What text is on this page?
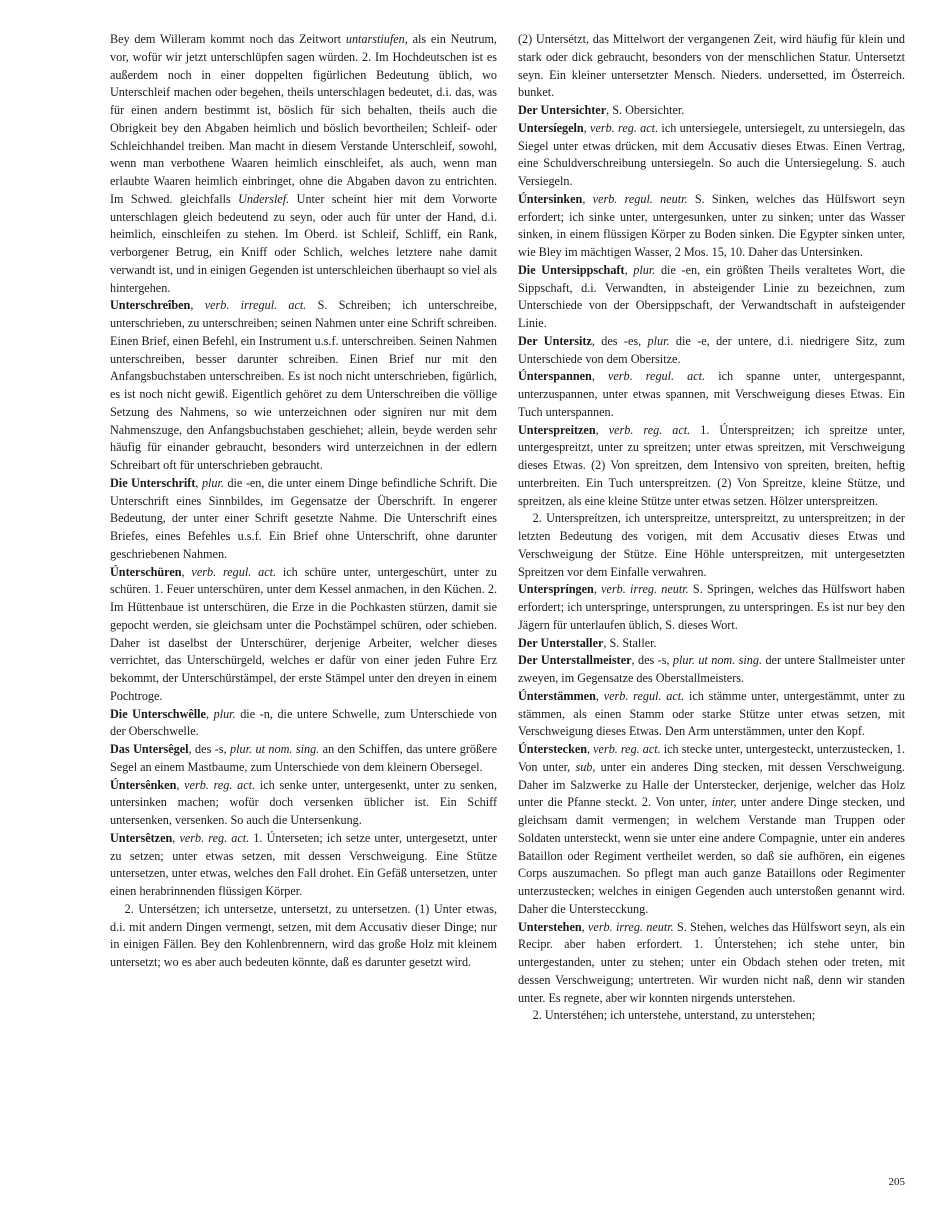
Bey dem Willeram kommt noch das Zeitwort untarstiufen, als ein Neutrum, vor, wofür wir jetzt unterschlüpfen sagen würden. 2. Im Hochdeutschen ist es außerdem noch in einer doppelten figürlichen Bedeutung üblich, wo Unterschleif machen oder begehen, theils unterschlagen bedeutet, d.i. das, was für einen andern bestimmt ist, böslich für sich behalten, theils auch die Obrigkeit bey den Abgaben heimlich und böslich bevortheilen; Schleif- oder Schleichhandel treiben. Man macht in diesem Verstande Unterschleif, sowohl, wenn man verbothene Waaren heimlich einschleifet, als auch, wenn man erlaubte Waaren heimlich einbringet, ohne die Abgaben davon zu entrichten. Im Schwed. gleichfalls Underslef. Unter scheint hier mit dem Vorworte unterschlagen gleich bedeutend zu seyn, oder auch für unter der Hand, d.i. heimlich, einschleifen zu stehen. Im Oberd. ist Schleif, Schliff, ein Rank, verborgener Betrug, ein Kniff oder Schlich, welches letztere nahe damit verwandt ist, und in einigen Gegenden ist unterschleichen überhaupt so viel als hintergehen.

Unterschreîben, verb. irregul. act. S. Schreiben; ich unterschreibe, unterschrieben, zu unterschreiben; seinen Nahmen unter eine Schrift schreiben. Einen Brief, einen Befehl, ein Instrument u.s.f. unterschreiben. Seinen Nahmen unterschreiben, besser darunter schreiben. Einen Brief nur mit den Anfangsbuchstaben unterschreiben. Es ist noch nicht unterschrieben, figürlich, es ist noch nicht gewiß. Eigentlich gehöret zu dem Unterschreiben die völlige Setzung des Nahmens, so wie unterzeichnen oder signiren nur mit dem Nahmenszuge, den Anfangsbuchstaben geschiehet; allein, beyde werden sehr häufig für einander gebraucht, besonders wird unterzeichnen in der edlern Schreibart oft für unterschrieben gebraucht.

Die Unterschrift, plur. die -en, die unter einem Dinge befindliche Schrift. Die Unterschrift eines Sinnbildes, im Gegensatze der Überschrift. In engerer Bedeutung, der unter einer Schrift gesetzte Nahme. Die Unterschrift eines Briefes, eines Befehles u.s.f. Ein Brief ohne Unterschrift, ohne darunter geschriebenen Nahmen.

Únterschüren, verb. regul. act. ich schüre unter, untergeschürt, unter zu schüren. 1. Feuer unterschüren, unter dem Kessel anmachen, in den Küchen. 2. Im Hüttenbaue ist unterschüren, die Erze in die Pochkasten stürzen, damit sie gepocht werden, sie gleichsam unter die Pochstämpel schüren, oder schieben. Daher ist daselbst der Unterschürer, derjenige Arbeiter, welcher dieses verrichtet, das Unterschürgeld, welches er dafür von einer jeden Fuhre Erz bekommt, der Unterschürstämpel, der erste Stämpel unter den dreyen in einem Pochtroge.

Die Unterschwêlle, plur. die -n, die untere Schwelle, zum Unterschiede von der Oberschwelle.

Das Untersêgel, des -s, plur. ut nom. sing. an den Schiffen, das untere größere Segel an einem Mastbaume, zum Unterschiede von dem kleinern Obersegel.

Úntersênken, verb. reg. act. ich senke unter, untergesenkt, unter zu senken, untersinken machen; wofür doch versenken üblicher ist. Ein Schiff untersenken, versenken. So auch die Untersenkung.

Untersêtzen, verb. reg. act. 1. Únterseten; ich setze unter, untergesetzt, unter zu setzen; unter etwas setzen, mit dessen Verschweigung. Eine Stütze untersetzen, unter etwas, welches den Fall drohet. Ein Gefäß untersetzen, unter einen herabrinnenden flüssigen Körper.

2. Untersétzen; ich untersetze, untersetzt, zu untersetzen. (1) Unter etwas, d.i. mit andern Dingen vermengt, setzen, mit dem Accusativ dieser Dinge; nur in einigen Fällen. Bey den Kohlenbrennern, wird das große Holz mit kleinem untersetzt; wo es aber auch bedeuten könnte, daß es darunter gesetzt wird.

(2) Untersétzt, das Mittelwort der vergangenen Zeit, wird häufig für klein und stark oder dick gebraucht, besonders von der menschlichen Statur. Untersetzt seyn. Ein kleiner untersetzter Mensch. Nieders. undersetted, im Österreich. bunket.

Der Untersichter, S. Obersichter.

Untersíegeln, verb. reg. act. ich untersiegele, untersiegelt, zu untersiegeln, das Siegel unter etwas drücken, mit dem Accusativ dieses Etwas. Einen Vertrag, eine Schuldverschreibung untersiegeln. So auch die Untersiegelung. S. auch Versiegeln.

Úntersinken, verb. regul. neutr. S. Sinken, welches das Hülfswort seyn erfordert; ich sinke unter, untergesunken, unter zu sinken; unter das Wasser sinken, in einem flüssigen Körper zu Boden sinken. Die Egypter sinken unter, wie Bley im mächtigen Wasser, 2 Mos. 15, 10. Daher das Untersinken.

Die Untersippschaft, plur. die -en, ein größten Theils veraltetes Wort, die Sippschaft, d.i. Verwandten, in absteigender Linie zu bezeichnen, zum Unterschiede von der Obersippschaft, der Verwandtschaft in aufsteigender Linie.

Der Untersitz, des -es, plur. die -e, der untere, d.i. niedrigere Sitz, zum Unterschiede von dem Obersitze.

Únterspannen, verb. regul. act. ich spanne unter, untergespannt, unterzuspannen, unter etwas spannen, mit Verschweigung dieses Etwas. Ein Tuch unterspannen.

Unterspreitzen, verb. reg. act. 1. Únterspreitzen; ich spreitze unter, untergespreitzt, unter zu spreitzen; unter etwas spreitzen, mit Verschweigung dieses Etwas. (2) Von spreitzen, dem Intensivo von spreiten, breiten, heftig unterbreiten. Ein Tuch unterspreitzen. (2) Von Spreitze, kleine Stütze, und spreitzen, als eine kleine Stütze unter etwas setzen. Hölzer unterspreitzen.

2. Untersprеítzen, ich unterspreitze, unterspreitzt, zu unterspreitzen; in der letzten Bedeutung des vorigen, mit dem Accusativ dieses Etwas und Verschweigung der Stütze. Eine Höhle unterspreitzen, mit untergesetzten Spreitzen vor dem Einfalle verwahren.

Unterspríngen, verb. irreg. neutr. S. Springen, welches das Hülfswort haben erfordert; ich unterspringe, untersprungen, zu unterspringen. Es ist nur bey den Jägern für unterlaufen üblich, S. dieses Wort.

Der Unterstaller, S. Staller.

Der Unterstallmeister, des -s, plur. ut nom. sing. der untere Stallmeister unter zweyen, im Gegensatze des Oberstallmeisters.

Únterstämmen, verb. regul. act. ich stämme unter, untergestämmt, unter zu stämmen, als einen Stamm oder starke Stütze unter etwas setzen, mit Verschweigung dieses Etwas. Den Arm unterstämmen, unter den Kopf.

Únterstecken, verb. reg. act. ich stecke unter, untergesteckt, unterzustecken, 1. Von unter, sub, unter ein anderes Ding stecken, mit dessen Verschweigung. Daher im Salzwerke zu Halle der Unterstecker, derjenige, welcher das Holz unter die Pfanne steckt. 2. Von unter, inter, unter andere Dinge stecken, und gleichsam damit vermengen; in welchem Verstande man Truppen oder Soldaten untersteckt, wenn sie unter eine andere Compagnie, unter ein anderes Bataillon oder Regiment vertheilet werden, so daß sie aufhören, ein eigenes Corps auszumachen. So pflegt man auch ganze Bataillons oder Regimenter unterzustecken; welches in einigen Gegenden auch unterstoßen genannt wird. Daher die Unterstecckung.

Unterstehen, verb. irreg. neutr. S. Stehen, welches das Hülfswort seyn, als ein Recipr. aber haben erfordert. 1. Únterstehen; ich stehe unter, bin untergestanden, unter zu stehen; unter ein Obdach stehen oder treten, mit dessen Verschweigung; untertreten. Wir wurden nicht naß, denn wir standen unter. Es regnete, aber wir konnten nirgends unterstehen.

2. Unterstéhen; ich unterstehe, unterstand, zu unterstehen;

205
